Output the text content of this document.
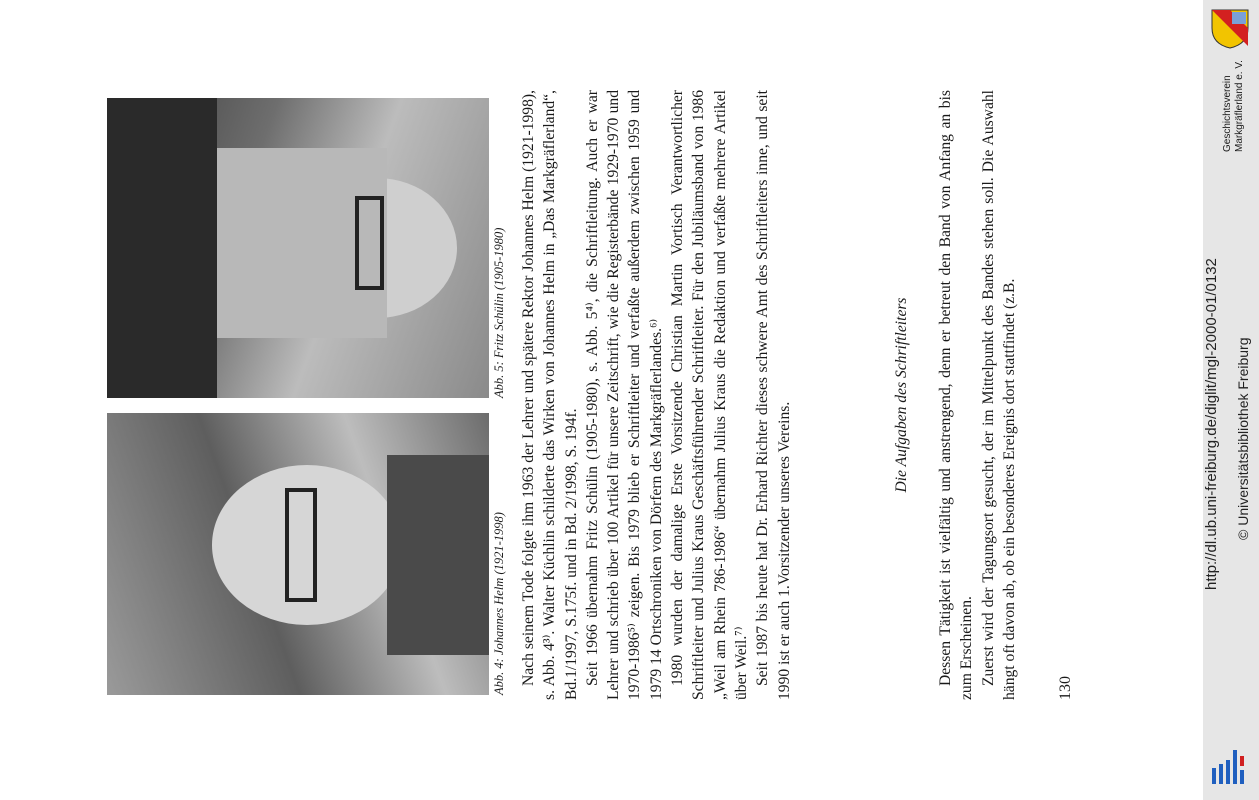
Abb. 4: Johannes Helm (1921-1998)
Abb. 5: Fritz Schülin (1905-1980) Nach seinem Tode folgte ihm 1963 der Lehrer und spätere Rektor Johannes Helm (1921-1998), s. Abb. 4³⁾. Walter Küchlin schilderte das Wirken von Johannes Helm in „Das Markgräflerland“, Bd.1/1997, S.175f. und in Bd. 2/1998, S. 194f. Seit 1966 übernahm Fritz Schülin (1905-1980), s. Abb. 5⁴⁾, die Schriftleitung. Auch er war Lehrer und schrieb über 100 Artikel für unsere Zeitschrift, wie die Registerbände 1929-1970 und 1970-1986⁵⁾ zeigen. Bis 1979 blieb er Schriftleiter und verfaßte außerdem zwischen 1959 und 1979 14 Ortschroniken von Dörfern des Markgräflerlandes.⁶⁾ 1980 wurden der damalige Erste Vorsitzende Christian Martin Vortisch Verantwortlicher Schriftleiter und Julius Kraus Geschäftsführender Schriftleiter. Für den Jubiläumsband von 1986 „Weil am Rhein 786-1986“ übernahm Julius Kraus die Redaktion und verfaßte mehrere Artikel über Weil.⁷⁾ Seit 1987 bis heute hat Dr. Erhard Richter dieses schwere Amt des Schriftleiters inne, und seit 1990 ist er auch 1.Vorsitzender unseres Vereins.

Die Aufgaben des Schriftleiters Dessen Tätigkeit ist vielfältig und anstrengend, denn er betreut den Band von Anfang an bis zum Erscheinen. Zuerst wird der Tagungsort gesucht, der im Mittelpunkt des Bandes stehen soll. Die Auswahl hängt oft davon ab, ob ein besonderes Ereignis dort stattfindet (z.B. 130
Geschichtsverein Markgräflerland e. V.
http://dl.ub.uni-freiburg.de/diglit/mgl-2000-01/0132 © Universitätsbibliothek Freiburg
